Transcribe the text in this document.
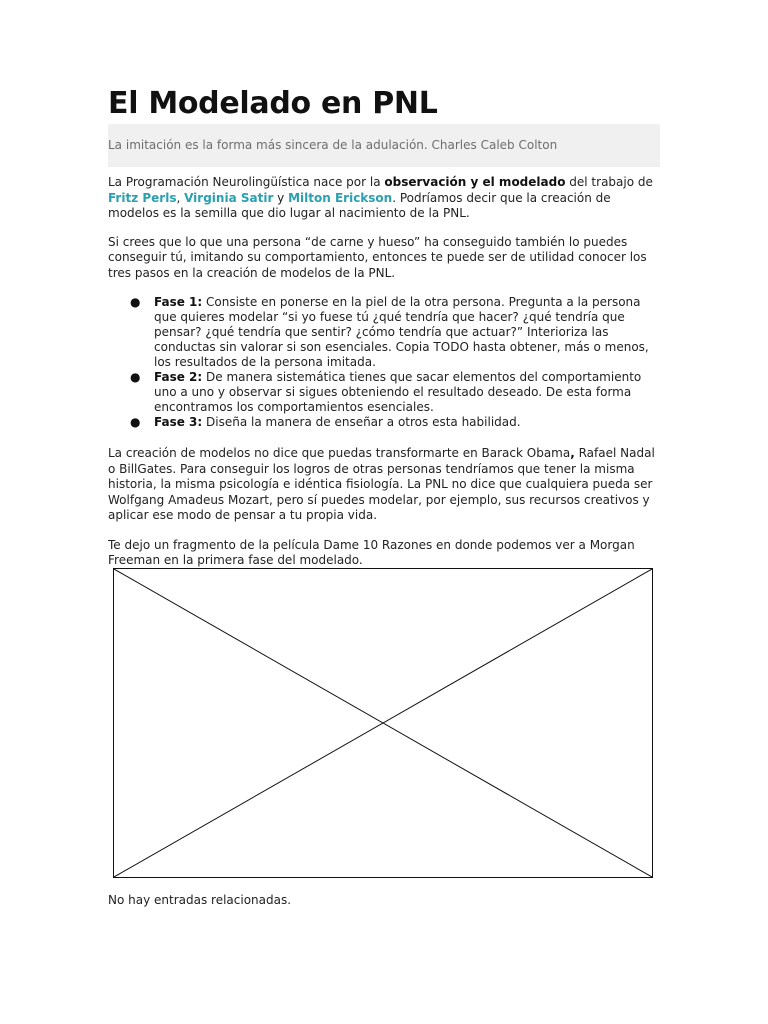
El Modelado en PNL
La imitación es la forma más sincera de la adulación. Charles Caleb Colton

La Programación Neurolingüística nace por la observación y el modelado del trabajo de Fritz Perls, Virginia Satir y Milton Erickson. Podríamos decir que la creación de modelos es la semilla que dio lugar al nacimiento de la PNL.

Si crees que lo que una persona “de carne y hueso” ha conseguido también lo puedes conseguir tú, imitando su comportamiento, entonces te puede ser de utilidad conocer los tres pasos en la creación de modelos de la PNL.

● Fase 1: Consiste en ponerse en la piel de la otra persona. Pregunta a la persona que quieres modelar “si yo fuese tú ¿qué tendría que hacer? ¿qué tendría que pensar? ¿qué tendría que sentir? ¿cómo tendría que actuar?” Interioriza las conductas sin valorar si son esenciales. Copia TODO hasta obtener, más o menos, los resultados de la persona imitada.
● Fase 2: De manera sistemática tienes que sacar elementos del comportamiento uno a uno y observar si sigues obteniendo el resultado deseado. De esta forma encontramos los comportamientos esenciales.
● Fase 3: Diseña la manera de enseñar a otros esta habilidad.

La creación de modelos no dice que puedas transformarte en Barack Obama, Rafael Nadal o BillGates. Para conseguir los logros de otras personas tendríamos que tener la misma historia, la misma psicología e idéntica fisiología. La PNL no dice que cualquiera pueda ser Wolfgang Amadeus Mozart, pero sí puedes modelar, por ejemplo, sus recursos creativos y aplicar ese modo de pensar a tu propia vida.

Te dejo un fragmento de la película Dame 10 Razones en donde podemos ver a Morgan Freeman en la primera fase del modelado.

No hay entradas relacionadas.
